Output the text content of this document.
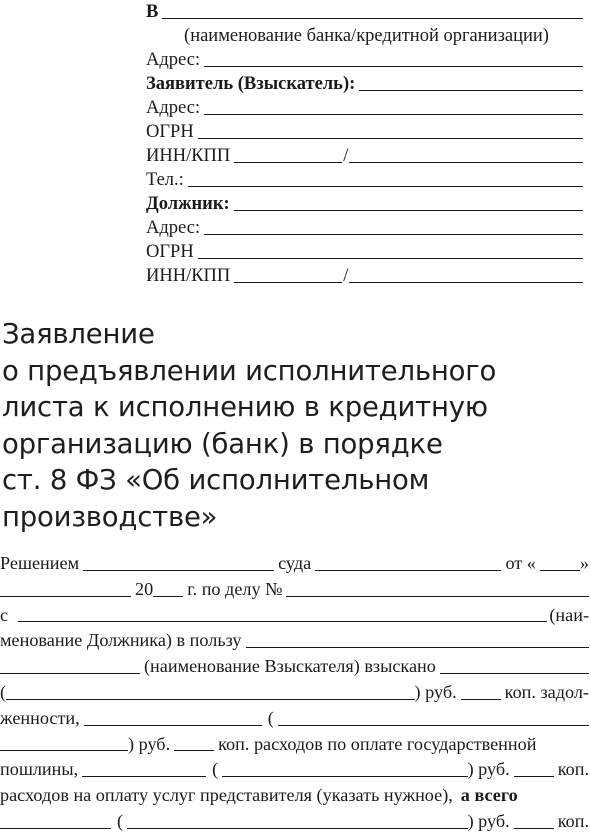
В
(наименование банка/кредитной организации)
Адрес:
Заявитель (Взыскатель):
Адрес:
ОГРН
ИНН/КПП	/
Тел.:
Должник:
Адрес:
ОГРН
ИНН/КПП	/
Заявление
о предъявлении исполнительного
листа к исполнению в кредитную
организацию (банк) в порядке
ст. 8 ФЗ «Об исполнительном
производстве»
Решением	суда	от « »
20 г. по делу №
с	(наи-
менование Должника) в пользу
(наименование Взыскателя) взыскано
(	) руб.	коп. задол-
женности,	(
) руб.	коп. расходов по оплате государственной
пошлины,	(	) руб.	коп.
расходов на оплату услуг представителя (указать нужное), а всего
(	) руб.	коп.
